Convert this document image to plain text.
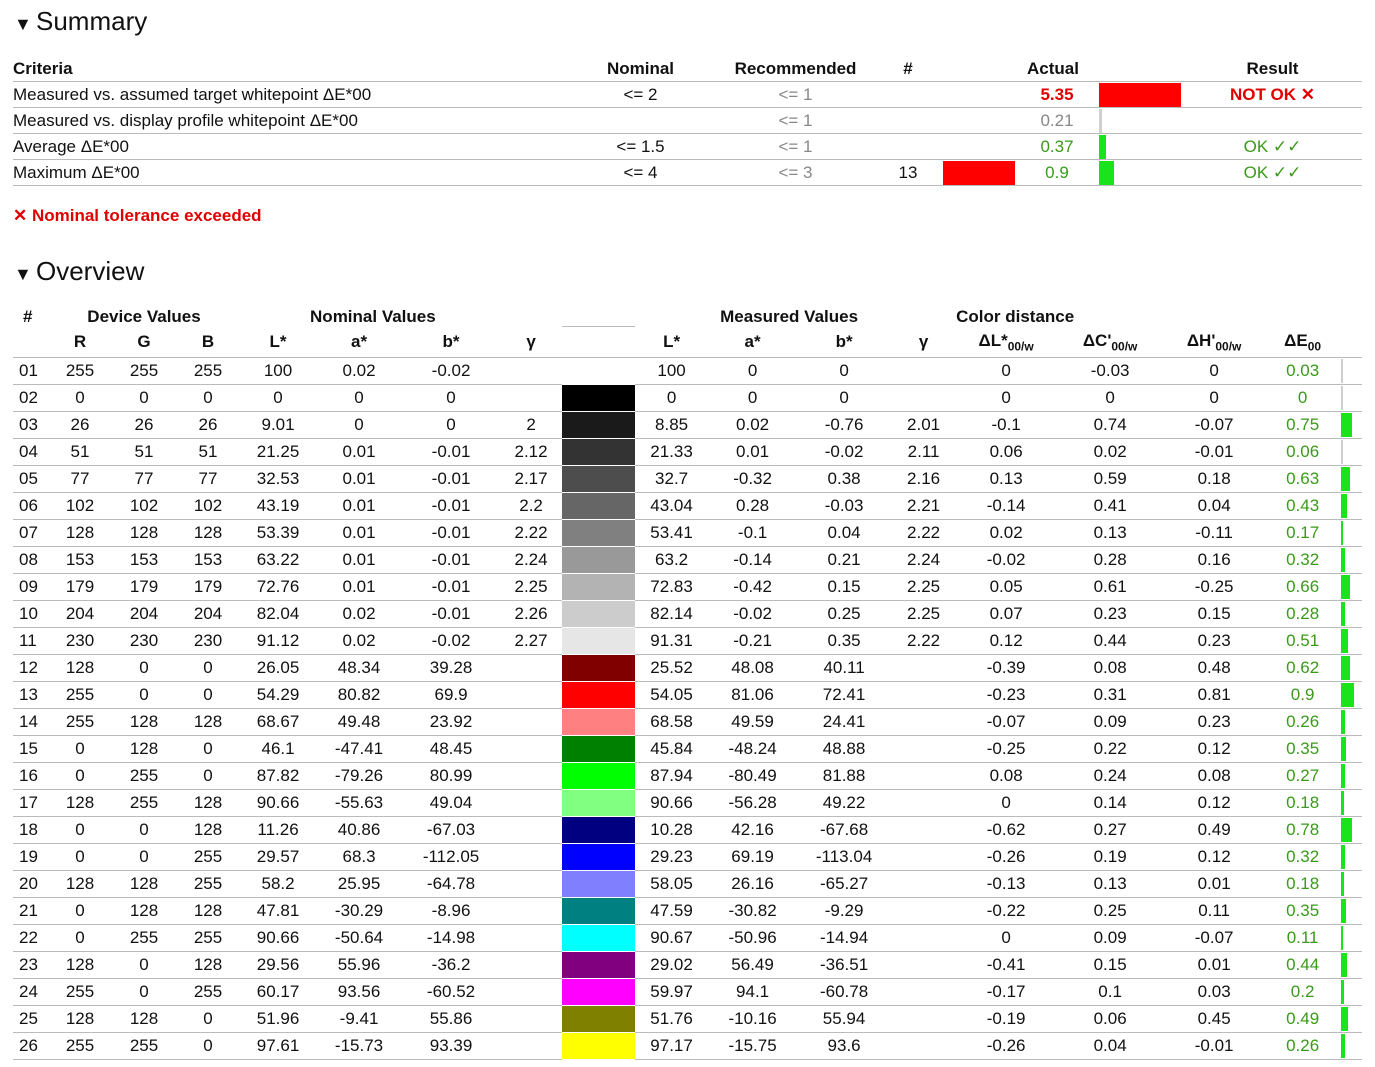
▼ Summary
Criteria	Nominal	Recommended	#	Actual			Result
Measured vs. assumed target whitepoint ΔE*00	<= 2	<= 1			5.35		NOT OK ✕
Measured vs. display profile whitepoint ΔE*00		<= 1			0.21	

Average ΔE*00	<= 1.5	<= 1			0.37		OK ✓✓
Maximum ΔE*00	<= 4	<= 3	13		0.9		OK ✓✓
✕ Nominal tolerance exceeded
▼ Overview
#	Device Values			Nominal Values					Measured Values				Color distance				
	R	G	B	L*	a*	b*	γ		L*	a*	b*	γ	$\Delta L*_{00/w}$	$\Delta C'_{00/w}$	$\Delta H'_{00/w}$	$\Delta E_{00}$	
01	255	255	255	100	0.02	-0.02			100	0	0		0	-0.03	0	0.03	

02	0	0	0	0	0	0			0	0	0		0	0	0	0	

03	26	26	26	9.01	0	0	2		8.85	0.02	-0.76	2.01	-0.1	0.74	-0.07	0.75	

04	51	51	51	21.25	0.01	-0.01	2.12		21.33	0.01	-0.02	2.11	0.06	0.02	-0.01	0.06	

05	77	77	77	32.53	0.01	-0.01	2.17		32.7	-0.32	0.38	2.16	0.13	0.59	0.18	0.63	

06	102	102	102	43.19	0.01	-0.01	2.2		43.04	0.28	-0.03	2.21	-0.14	0.41	0.04	0.43	

07	128	128	128	53.39	0.01	-0.01	2.22		53.41	-0.1	0.04	2.22	0.02	0.13	-0.11	0.17	

08	153	153	153	63.22	0.01	-0.01	2.24		63.2	-0.14	0.21	2.24	-0.02	0.28	0.16	0.32	

09	179	179	179	72.76	0.01	-0.01	2.25		72.83	-0.42	0.15	2.25	0.05	0.61	-0.25	0.66	

10	204	204	204	82.04	0.02	-0.01	2.26		82.14	-0.02	0.25	2.25	0.07	0.23	0.15	0.28	

11	230	230	230	91.12	0.02	-0.02	2.27		91.31	-0.21	0.35	2.22	0.12	0.44	0.23	0.51	

12	128	0	0	26.05	48.34	39.28			25.52	48.08	40.11		-0.39	0.08	0.48	0.62	

13	255	0	0	54.29	80.82	69.9			54.05	81.06	72.41		-0.23	0.31	0.81	0.9	

14	255	128	128	68.67	49.48	23.92			68.58	49.59	24.41		-0.07	0.09	0.23	0.26	

15	0	128	0	46.1	-47.41	48.45			45.84	-48.24	48.88		-0.25	0.22	0.12	0.35	

16	0	255	0	87.82	-79.26	80.99			87.94	-80.49	81.88		0.08	0.24	0.08	0.27	

17	128	255	128	90.66	-55.63	49.04			90.66	-56.28	49.22		0	0.14	0.12	0.18	

18	0	0	128	11.26	40.86	-67.03			10.28	42.16	-67.68		-0.62	0.27	0.49	0.78	

19	0	0	255	29.57	68.3	-112.05			29.23	69.19	-113.04		-0.26	0.19	0.12	0.32	

20	128	128	255	58.2	25.95	-64.78			58.05	26.16	-65.27		-0.13	0.13	0.01	0.18	

21	0	128	128	47.81	-30.29	-8.96			47.59	-30.82	-9.29		-0.22	0.25	0.11	0.35	

22	0	255	255	90.66	-50.64	-14.98			90.67	-50.96	-14.94		0	0.09	-0.07	0.11	

23	128	0	128	29.56	55.96	-36.2			29.02	56.49	-36.51		-0.41	0.15	0.01	0.44	

24	255	0	255	60.17	93.56	-60.52			59.97	94.1	-60.78		-0.17	0.1	0.03	0.2	

25	128	128	0	51.96	-9.41	55.86			51.76	-10.16	55.94		-0.19	0.06	0.45	0.49	

26	255	255	0	97.61	-15.73	93.39			97.17	-15.75	93.6		-0.26	0.04	-0.01	0.26	
